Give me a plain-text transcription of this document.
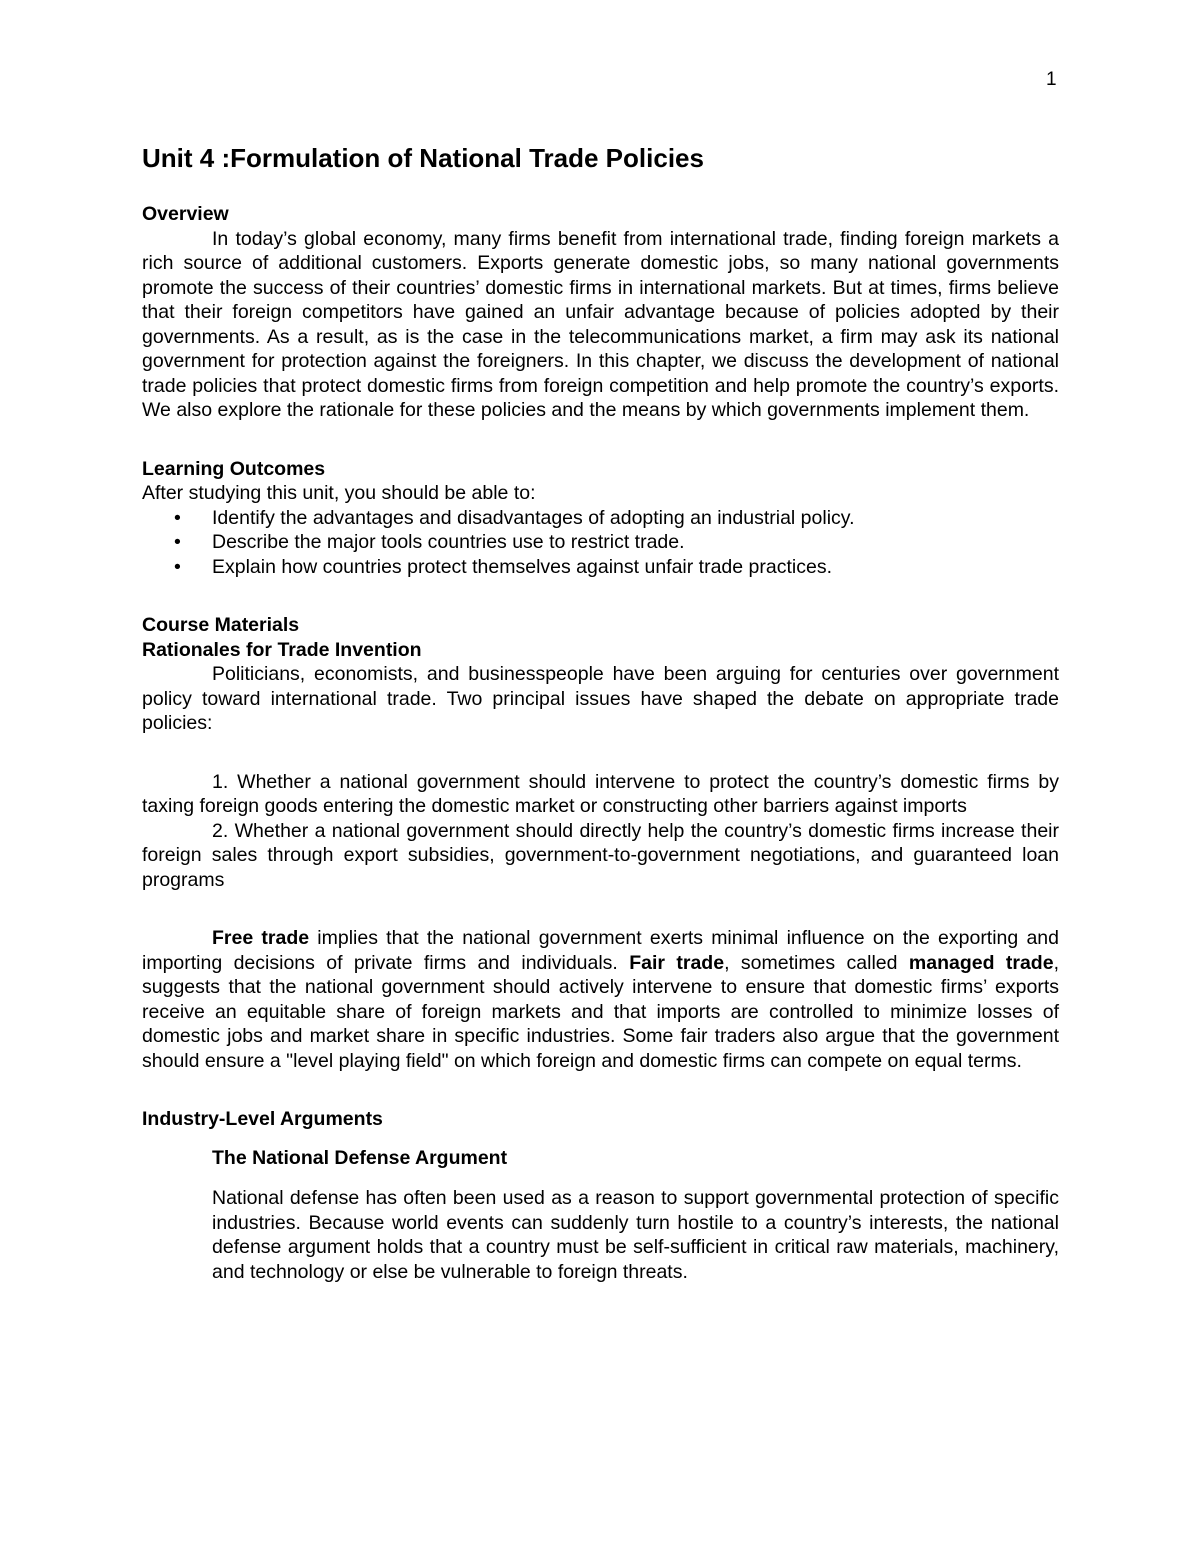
1
Unit 4 :Formulation of National Trade Policies

Overview

In today’s global economy, many firms benefit from international trade, finding foreign markets a rich source of additional customers. Exports generate domestic jobs, so many national governments promote the success of their countries’ domestic firms in international markets. But at times, firms believe that their foreign competitors have gained an unfair advantage because of policies adopted by their governments. As a result, as is the case in the telecommunications market, a firm may ask its national government for protection against the foreigners. In this chapter, we discuss the development of national trade policies that protect domestic firms from foreign competition and help promote the country’s exports. We also explore the rationale for these policies and the means by which governments implement them.

Learning Outcomes

After studying this unit, you should be able to:

• Identify the advantages and disadvantages of adopting an industrial policy.
• Describe the major tools countries use to restrict trade.
• Explain how countries protect themselves against unfair trade practices.

Course Materials

Rationales for Trade Invention

Politicians, economists, and businesspeople have been arguing for centuries over government policy toward international trade. Two principal issues have shaped the debate on appropriate trade policies:

1. Whether a national government should intervene to protect the country’s domestic firms by taxing foreign goods entering the domestic market or constructing other barriers against imports

2. Whether a national government should directly help the country’s domestic firms increase their foreign sales through export subsidies, government-to-government negotiations, and guaranteed loan programs

Free trade implies that the national government exerts minimal influence on the exporting and importing decisions of private firms and individuals. Fair trade, sometimes called managed trade, suggests that the national government should actively intervene to ensure that domestic firms’ exports receive an equitable share of foreign markets and that imports are controlled to minimize losses of domestic jobs and market share in specific industries. Some fair traders also argue that the government should ensure a "level playing field" on which foreign and domestic firms can compete on equal terms.

Industry-Level Arguments

The National Defense Argument

National defense has often been used as a reason to support governmental protection of specific industries. Because world events can suddenly turn hostile to a country’s interests, the national defense argument holds that a country must be self-sufficient in critical raw materials, machinery, and technology or else be vulnerable to foreign threats.
